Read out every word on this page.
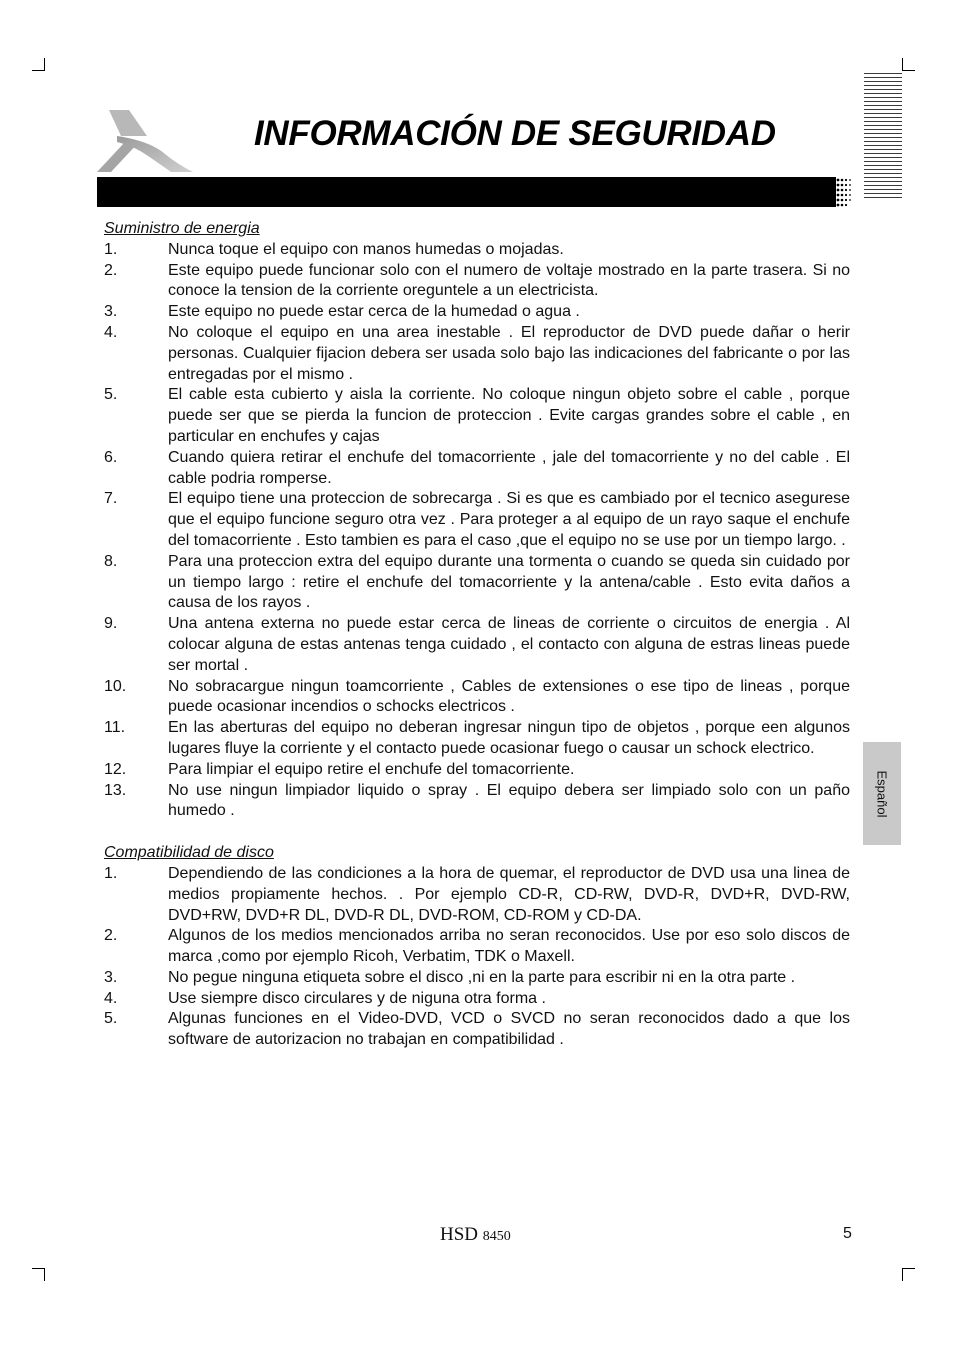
INFORMACIÓN DE SEGURIDAD
Suministro de energia
1.	Nunca toque el equipo con manos humedas o mojadas.
2.	Este equipo puede funcionar solo con el numero de voltaje mostrado en la parte trasera. Si no conoce la tension de la corriente oreguntele a un electricista.
3.	Este equipo no puede estar cerca de la humedad o agua .
4.	No coloque el equipo en una area inestable . El reproductor de DVD puede dañar o herir personas. Cualquier fijacion debera ser usada solo bajo las indicaciones del fabricante o por las entregadas por el mismo .
5.	El cable esta cubierto y aisla la corriente. No coloque ningun objeto sobre el cable , porque puede ser que se pierda la funcion de proteccion . Evite cargas grandes sobre el cable , en particular en enchufes y cajas
6.	Cuando quiera retirar el enchufe del tomacorriente , jale del tomacorriente y no del cable . El cable podria romperse.
7.	El equipo tiene una proteccion de sobrecarga . Si es que es cambiado por el tecnico asegurese que el equipo funcione seguro otra vez . Para proteger a al equipo de un rayo saque el enchufe del tomacorriente . Esto tambien es para el caso ,que el equipo no se use por un tiempo largo. .
8.	Para una proteccion extra del equipo durante una tormenta o cuando se queda sin cuidado por un tiempo largo : retire el enchufe del tomacorriente y la antena/cable . Esto evita daños a causa de los rayos .
9.	Una antena externa no puede estar cerca de lineas de corriente o circuitos de energia . Al colocar alguna de estas antenas tenga cuidado , el contacto con alguna de estras lineas puede ser mortal .
10.	No sobracargue ningun toamcorriente , Cables de extensiones o ese tipo de lineas , porque puede ocasionar incendios o schocks electricos .
11.	En las aberturas del equipo no deberan ingresar ningun tipo de objetos , porque een algunos lugares fluye la corriente y el contacto puede ocasionar fuego o causar un schock electrico.
12.	Para limpiar el equipo retire el enchufe del tomacorriente.
13.	No use ningun limpiador liquido o spray . El equipo debera ser limpiado solo con un paño humedo .
Compatibilidad de disco
1.	Dependiendo de las condiciones a la hora de quemar, el reproductor de DVD usa una linea de medios propiamente hechos. . Por ejemplo CD-R, CD-RW, DVD-R, DVD+R, DVD-RW, DVD+RW, DVD+R DL, DVD-R DL, DVD-ROM, CD-ROM y CD-DA.
2.	Algunos de los medios mencionados arriba no seran reconocidos. Use por eso solo discos de marca ,como por ejemplo Ricoh, Verbatim, TDK o Maxell.
3.	No pegue ninguna etiqueta sobre el disco ,ni en la parte para escribir ni en la otra parte .
4.	Use siempre disco circulares y de niguna otra forma .
5.	Algunas funciones en el Video-DVD, VCD o SVCD no seran reconocidos dado a que los software de autorizacion no trabajan en compatibilidad .
Español
HSD 8450	5
